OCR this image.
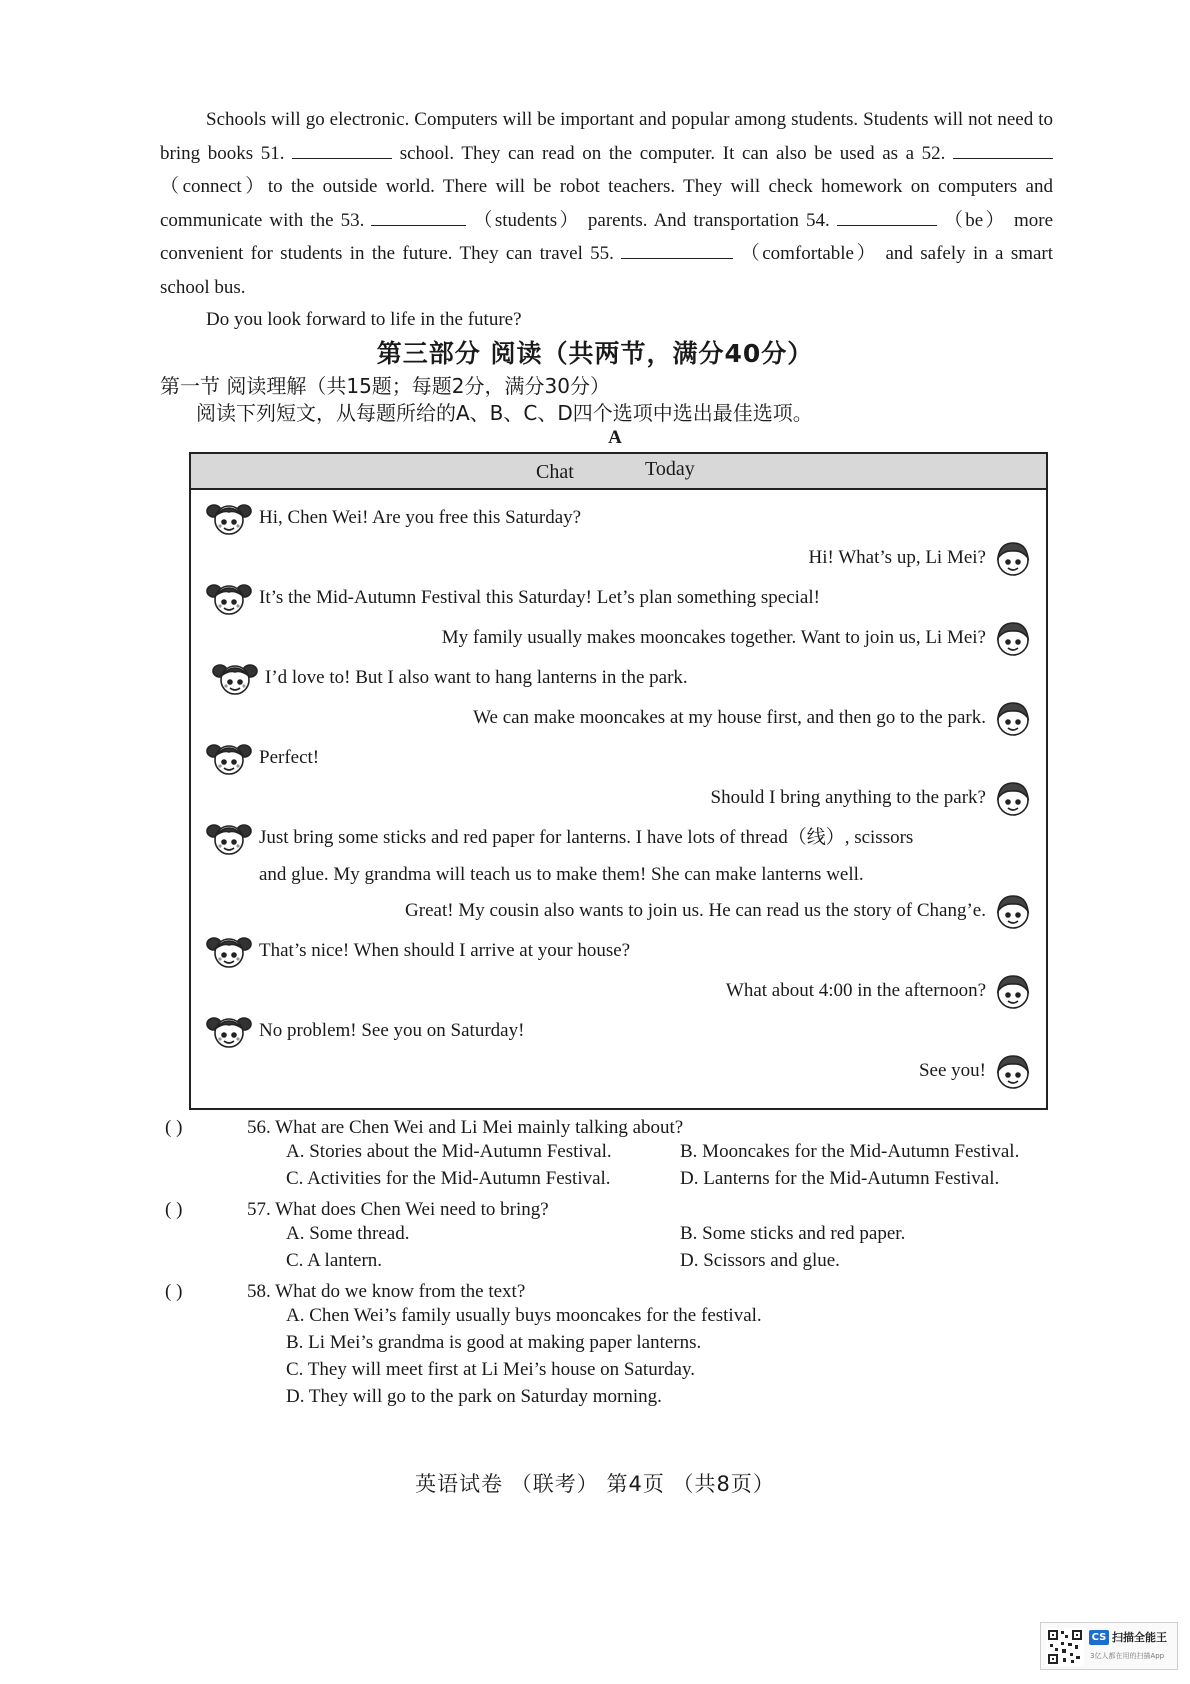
Schools will go electronic. Computers will be important and popular among students. Students will not need to bring books 51.	school. They can read on the computer. It can also be used as a 52.  （connect）to the outside world. There will be robot teachers. They will check homework on computers and communicate with the 53.	（students） parents. And transportation 54.	（be） more convenient for students in the future. They can travel 55.	（comfortable） and safely in a smart school bus.
Do you look forward to life in the future?
第三部分 阅读（共两节，满分40分）
第一节 阅读理解（共15题；每题2分，满分30分）
阅读下列短文，从每题所给的A、B、C、D四个选项中选出最佳选项。
A
Chat	Today
Hi, Chen Wei! Are you free this Saturday?
Hi! What’s up, Li Mei?
It’s the Mid-Autumn Festival this Saturday! Let’s plan something special!
My family usually makes mooncakes together. Want to join us, Li Mei?
I’d love to! But I also want to hang lanterns in the park.
We can make mooncakes at my house first, and then go to the park.
Perfect!
Should I bring anything to the park?
Just bring some sticks and red paper for lanterns. I have lots of thread（线）, scissors
and glue. My grandma will teach us to make them! She can make lanterns well.
Great! My cousin also wants to join us. He can read us the story of Chang’e.
That’s nice! When should I arrive at your house?
What about 4:00 in the afternoon?
No problem! See you on Saturday!
See you!
( )	56. What are Chen Wei and Li Mei mainly talking about?
A. Stories about the Mid-Autumn Festival.	B. Mooncakes for the Mid-Autumn Festival.
C. Activities for the Mid-Autumn Festival.	D. Lanterns for the Mid-Autumn Festival.
( )	57. What does Chen Wei need to bring?
A. Some thread.	B. Some sticks and red paper.
C. A lantern.	D. Scissors and glue.
( )	58. What do we know from the text?
A. Chen Wei’s family usually buys mooncakes for the festival.
B. Li Mei’s grandma is good at making paper lanterns.
C. They will meet first at Li Mei’s house on Saturday.
D. They will go to the park on Saturday morning.
英语试卷 （联考） 第4页 （共8页）
CS 扫描全能王
3亿人都在用的扫描App
